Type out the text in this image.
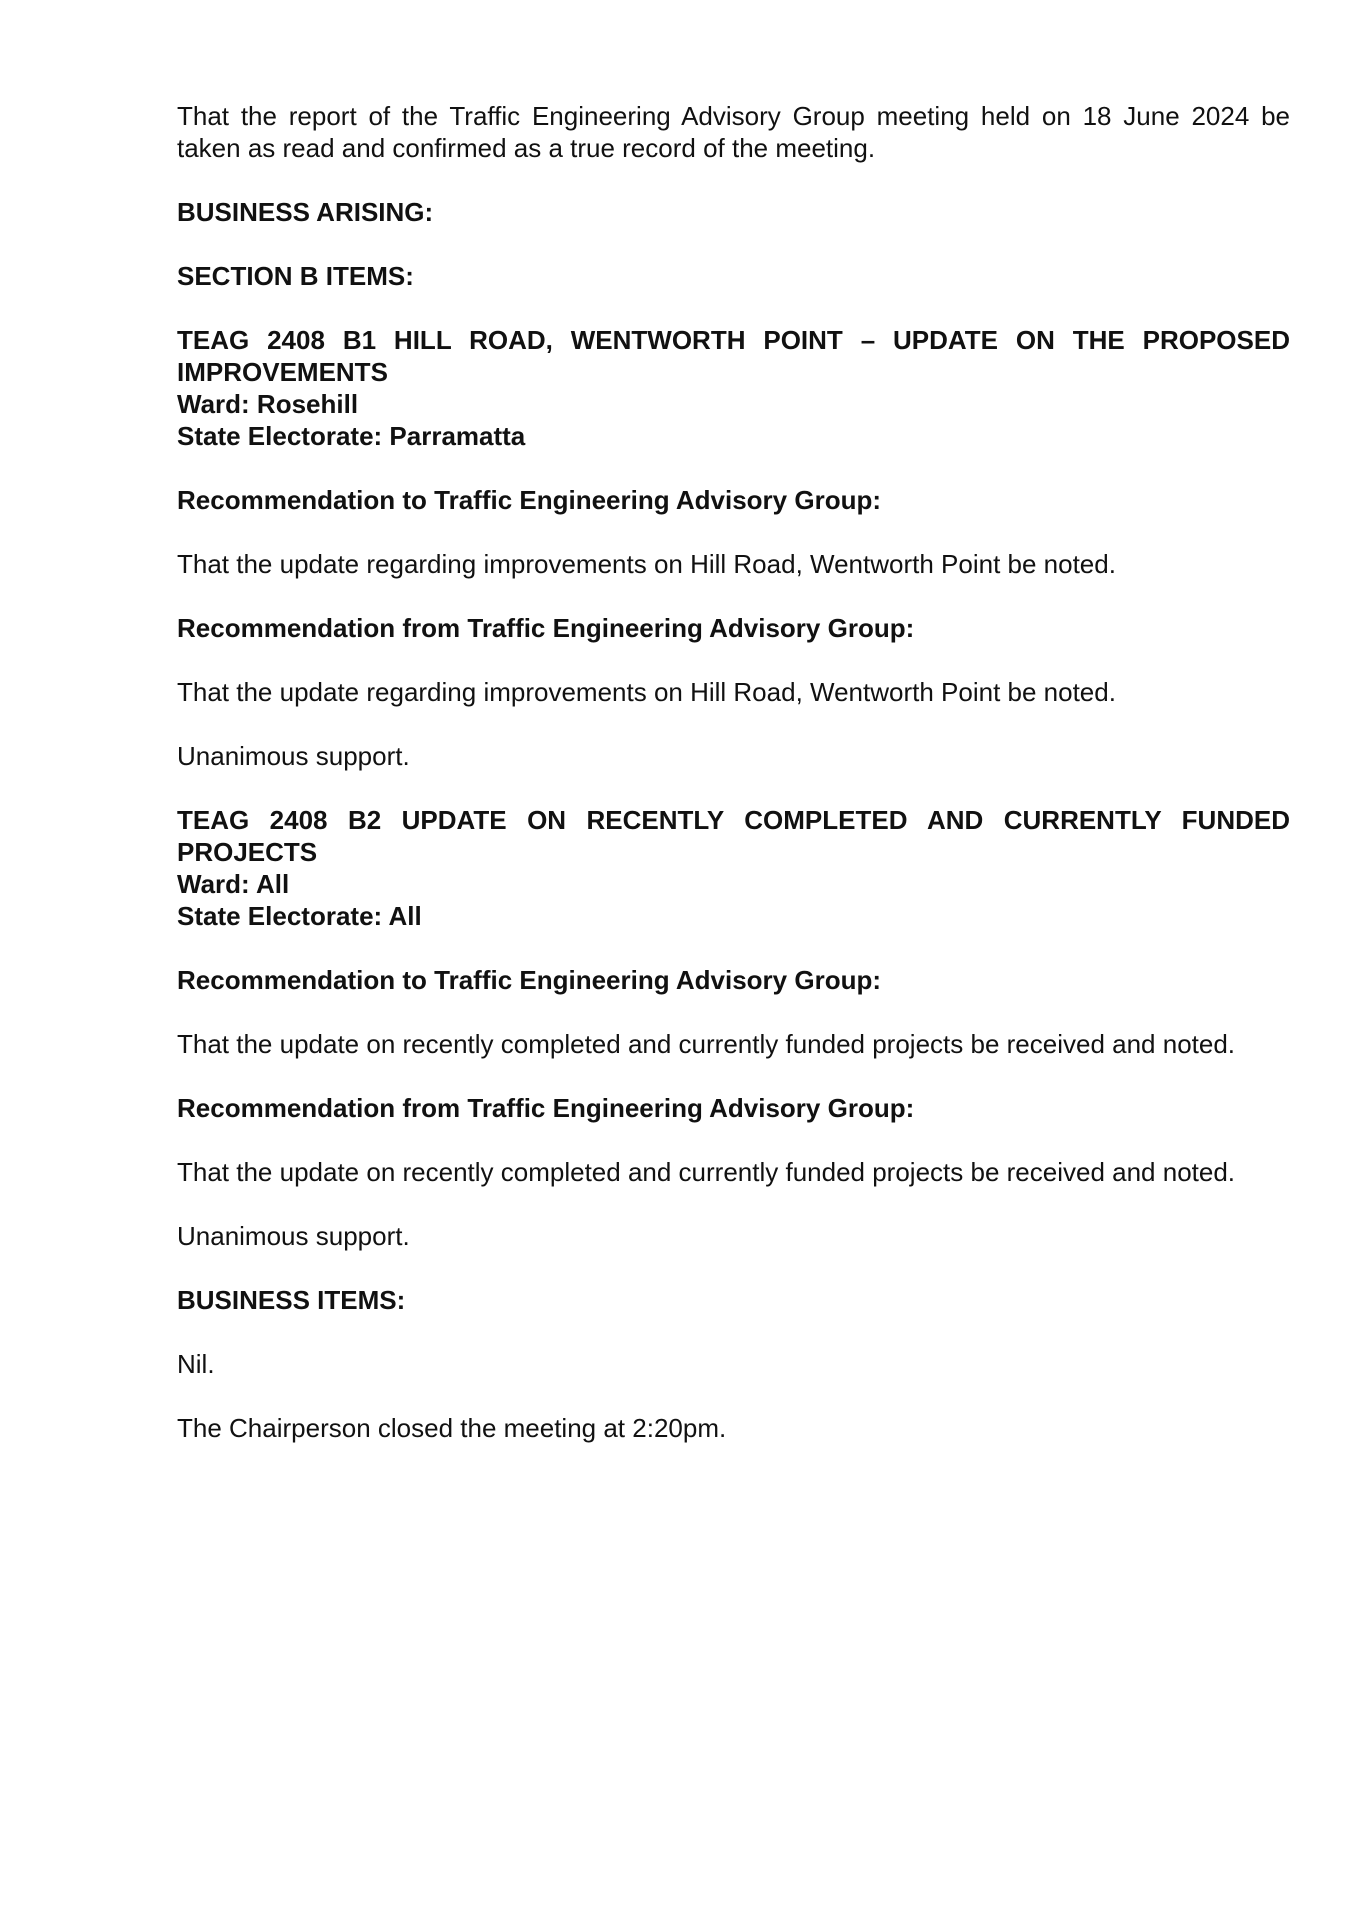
That the report of the Traffic Engineering Advisory Group meeting held on 18 June 2024 be taken as read and confirmed as a true record of the meeting.

BUSINESS ARISING:

SECTION B ITEMS:

TEAG 2408 B1 HILL ROAD, WENTWORTH POINT – UPDATE ON THE PROPOSED IMPROVEMENTS

Ward: Rosehill

State Electorate: Parramatta

Recommendation to Traffic Engineering Advisory Group:

That the update regarding improvements on Hill Road, Wentworth Point be noted.

Recommendation from Traffic Engineering Advisory Group:

That the update regarding improvements on Hill Road, Wentworth Point be noted.

Unanimous support.

TEAG 2408 B2 UPDATE ON RECENTLY COMPLETED AND CURRENTLY FUNDED PROJECTS

Ward: All

State Electorate: All

Recommendation to Traffic Engineering Advisory Group:

That the update on recently completed and currently funded projects be received and noted.

Recommendation from Traffic Engineering Advisory Group:

That the update on recently completed and currently funded projects be received and noted.

Unanimous support.

BUSINESS ITEMS:

Nil.

The Chairperson closed the meeting at 2:20pm.
